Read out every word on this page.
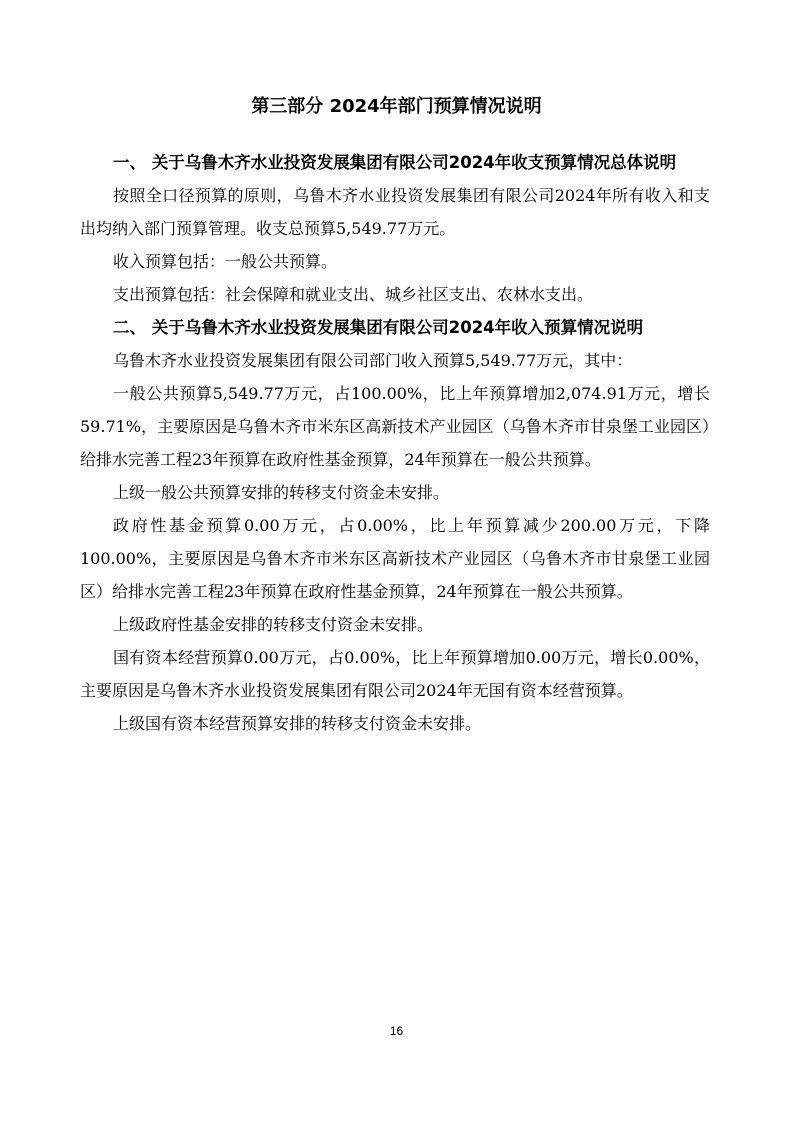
第三部分 2024年部门预算情况说明

一、 关于乌鲁木齐水业投资发展集团有限公司2024年收支预算情况总体说明

按照全口径预算的原则，乌鲁木齐水业投资发展集团有限公司2024年所有收入和支出均纳入部门预算管理。收支总预算5,549.77万元。

收入预算包括：一般公共预算。

支出预算包括：社会保障和就业支出、城乡社区支出、农林水支出。

二、 关于乌鲁木齐水业投资发展集团有限公司2024年收入预算情况说明

乌鲁木齐水业投资发展集团有限公司部门收入预算5,549.77万元，其中：

一般公共预算5,549.77万元，占100.00%，比上年预算增加2,074.91万元，增长59.71%，主要原因是乌鲁木齐市米东区高新技术产业园区（乌鲁木齐市甘泉堡工业园区）给排水完善工程23年预算在政府性基金预算，24年预算在一般公共预算。

上级一般公共预算安排的转移支付资金未安排。

政府性基金预算0.00万元，占0.00%，比上年预算减少200.00万元，下降100.00%，主要原因是乌鲁木齐市米东区高新技术产业园区（乌鲁木齐市甘泉堡工业园区）给排水完善工程23年预算在政府性基金预算，24年预算在一般公共预算。

上级政府性基金安排的转移支付资金未安排。

国有资本经营预算0.00万元，占0.00%，比上年预算增加0.00万元，增长0.00%，主要原因是乌鲁木齐水业投资发展集团有限公司2024年无国有资本经营预算。

上级国有资本经营预算安排的转移支付资金未安排。

16
